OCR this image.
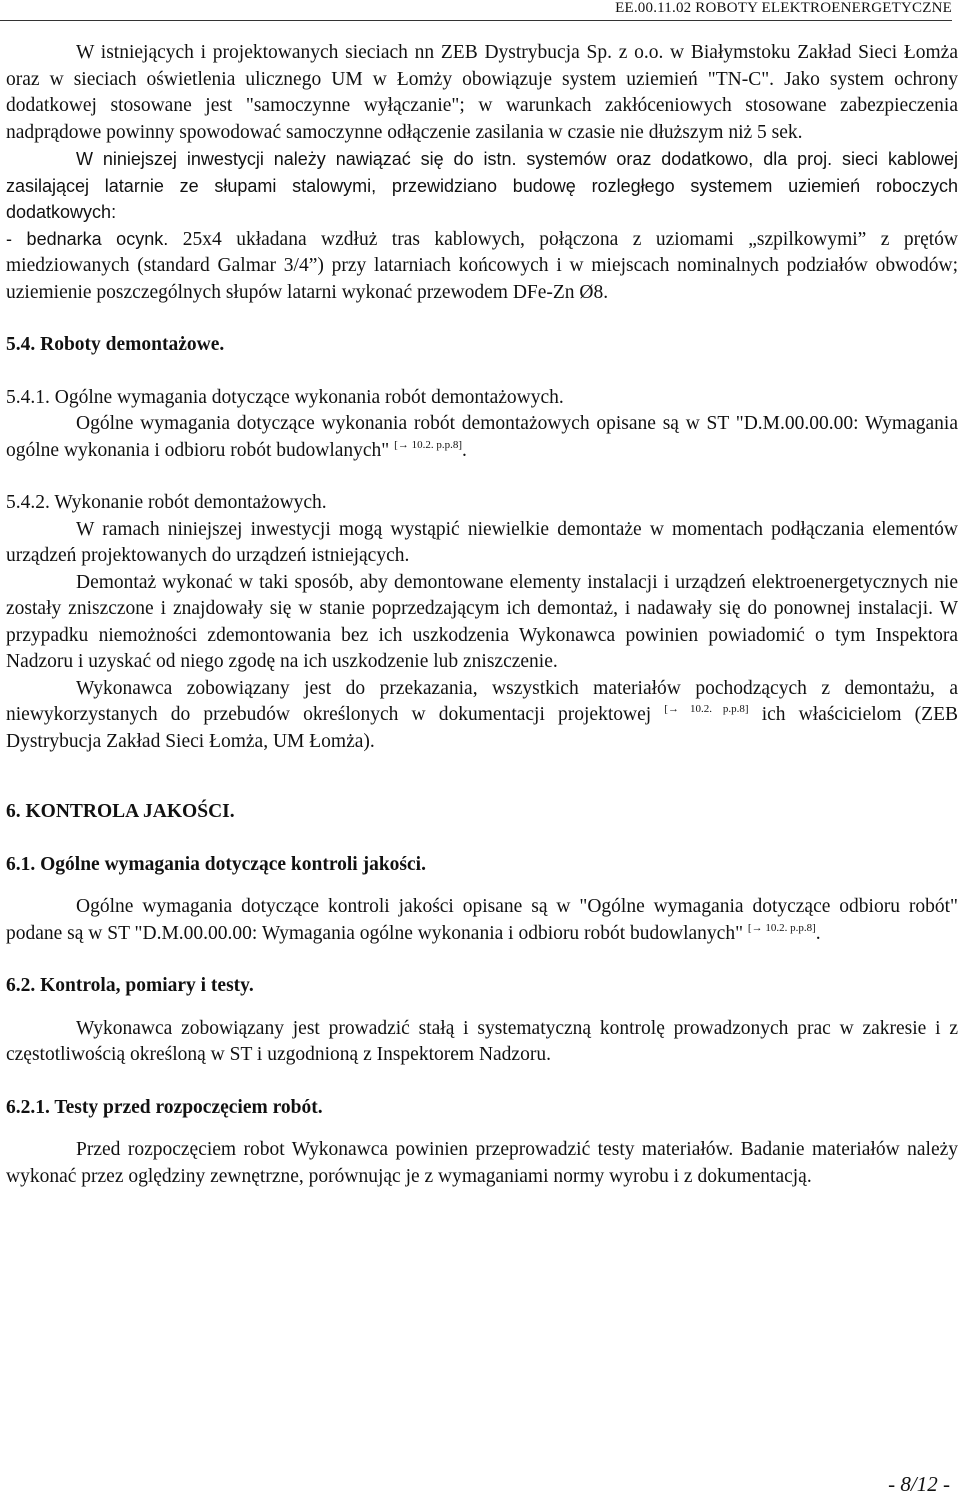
EE.00.11.02 ROBOTY ELEKTROENERGETYCZNE

W istniejących i projektowanych sieciach nn ZEB Dystrybucja Sp. z o.o. w Białymstoku Zakład Sieci Łomża oraz w sieciach oświetlenia ulicznego UM w Łomży obowiązuje system uziemień "TN-C". Jako system ochrony dodatkowej stosowane jest "samoczynne wyłączanie"; w warunkach zakłóceniowych stosowane zabezpieczenia nadprądowe powinny spowodować samoczynne odłączenie zasilania w czasie nie dłuższym niż 5 sek.

W niniejszej inwestycji należy nawiązać się do istn. systemów oraz dodatkowo, dla proj. sieci kablowej zasilającej latarnie ze słupami stalowymi, przewidziano budowę rozległego systemem uziemień roboczych dodatkowych:

- bednarka ocynk. 25x4 układana wzdłuż tras kablowych, połączona z uziomami „szpilkowymi” z prętów miedziowanych (standard Galmar 3/4”) przy latarniach końcowych i w miejscach nominalnych podziałów obwodów; uziemienie poszczególnych słupów latarni wykonać przewodem DFe-Zn Ø8.

5.4. Roboty demontażowe.

5.4.1. Ogólne wymagania dotyczące wykonania robót demontażowych.

Ogólne wymagania dotyczące wykonania robót demontażowych opisane są w ST "D.M.00.00.00: Wymagania ogólne wykonania i odbioru robót budowlanych" [→ 10.2. p.p.8].

5.4.2. Wykonanie robót demontażowych.

W ramach niniejszej inwestycji mogą wystąpić niewielkie demontaże w momentach podłączania elementów urządzeń projektowanych do urządzeń istniejących.

Demontaż wykonać w taki sposób, aby demontowane elementy instalacji i urządzeń elektroenergetycznych nie zostały zniszczone i znajdowały się w stanie poprzedzającym ich demontaż, i nadawały się do ponownej instalacji. W przypadku niemożności zdemontowania bez ich uszkodzenia Wykonawca powinien powiadomić o tym Inspektora Nadzoru i uzyskać od niego zgodę na ich uszkodzenie lub zniszczenie.

Wykonawca zobowiązany jest do przekazania, wszystkich materiałów pochodzących z demontażu, a niewykorzystanych do przebudów określonych w dokumentacji projektowej [→ 10.2. p.p.8] ich właścicielom (ZEB Dystrybucja Zakład Sieci Łomża, UM Łomża).

6. KONTROLA JAKOŚCI.

6.1. Ogólne wymagania dotyczące kontroli jakości.

Ogólne wymagania dotyczące kontroli jakości opisane są w "Ogólne wymagania dotyczące odbioru robót" podane są w ST "D.M.00.00.00: Wymagania ogólne wykonania i odbioru robót budowlanych" [→ 10.2. p.p.8].

6.2. Kontrola, pomiary i testy.

Wykonawca zobowiązany jest prowadzić stałą i systematyczną kontrolę prowadzonych prac w zakresie i z częstotliwością określoną w ST i uzgodnioną z Inspektorem Nadzoru.

6.2.1. Testy przed rozpoczęciem robót.

Przed rozpoczęciem robot Wykonawca powinien przeprowadzić testy materiałów. Badanie materiałów należy wykonać przez oględziny zewnętrzne, porównując je z wymaganiami normy wyrobu i z dokumentacją.

- 8/12 -
